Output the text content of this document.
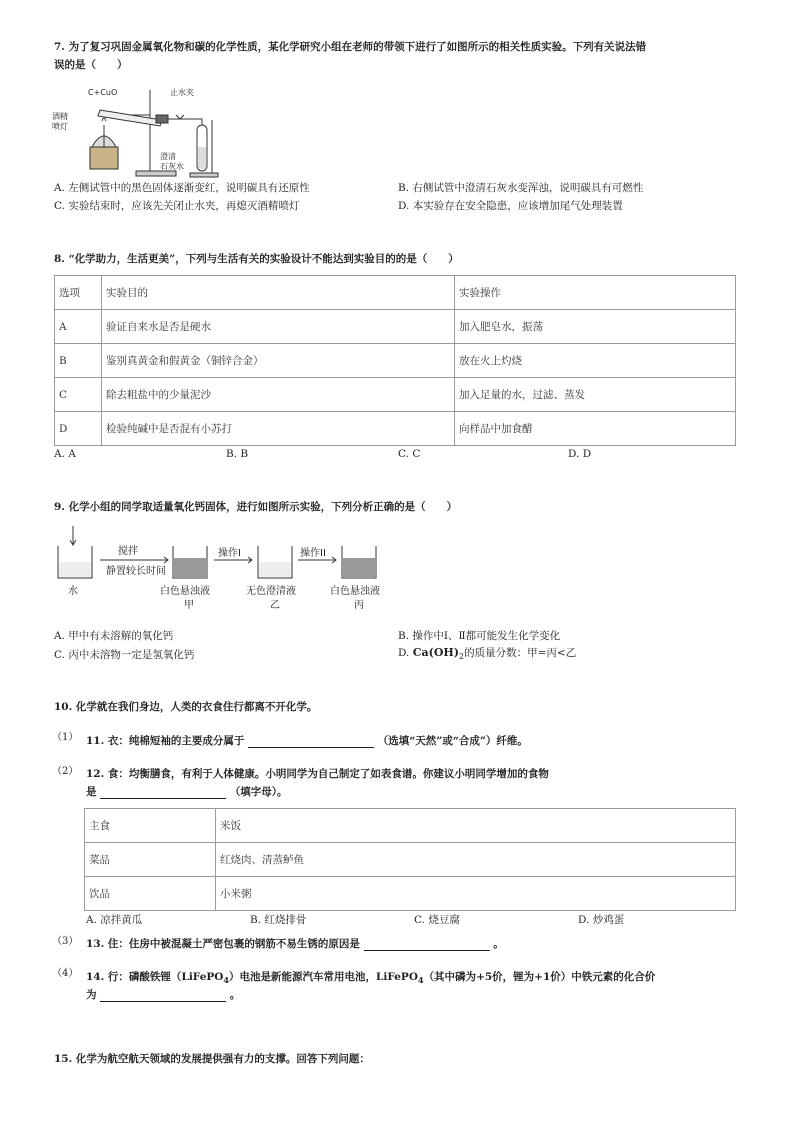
7. 为了复习巩固金属氧化物和碳的化学性质，某化学研究小组在老师的带领下进行了如图所示的相关性质实验。下列有关说法错
误的是（　　）
C+CuO
酒精
喷灯
止水夹
澄清
石灰水
A. 左侧试管中的黑色固体逐渐变红，说明碳具有还原性	B. 右侧试管中澄清石灰水变浑浊，说明碳具有可燃性
C. 实验结束时，应该先关闭止水夹，再熄灭酒精喷灯	D. 本实验存在安全隐患，应该增加尾气处理装置
8. “化学助力，生活更美”，下列与生活有关的实验设计不能达到实验目的的是（　　）
选项	实验目的	实验操作
A	验证自来水是否是硬水	加入肥皂水，振荡
B	鉴别真黄金和假黄金（铜锌合金）	放在火上灼烧
C	除去粗盐中的少量泥沙	加入足量的水，过滤、蒸发
D	检验纯碱中是否混有小苏打	向样品中加食醋
A. A	B. B	C. C	D. D
9. 化学小组的同学取适量氧化钙固体，进行如图所示实验，下列分析正确的是（　　）
水
搅拌
静置较长时间
白色悬浊液
甲
操作I
无色澄清液
乙
操作II
白色悬浊液
丙
A. 甲中有未溶解的氧化钙	B. 操作中Ⅰ、Ⅱ都可能发生化学变化
C. 丙中未溶物一定是氢氧化钙	D. $Ca(OH)_2$的质量分数：甲=丙<乙
10. 化学就在我们身边，人类的衣食住行都离不开化学。
（1） 11. 衣：纯棉短袖的主要成分属于	（选填“天然”或“合成”）纤维。
（2） 12. 食：均衡膳食，有利于人体健康。小明同学为自己制定了如表食谱。你建议小明同学增加的食物
是	（填字母）。
主食	米饭
菜品	红烧肉、清蒸鲈鱼
饮品	小米粥
A. 凉拌黄瓜	B. 红烧排骨	C. 烧豆腐	D. 炒鸡蛋
（3） 13. 住：住房中被混凝土严密包裹的钢筋不易生锈的原因是	。
（4） 14. 行：磷酸铁锂（LiFePO$_4$）电池是新能源汽车常用电池，LiFePO$_4$（其中磷为+5价，锂为+1价）中铁元素的化合价
为	。
15. 化学为航空航天领域的发展提供强有力的支撑。回答下列问题：
